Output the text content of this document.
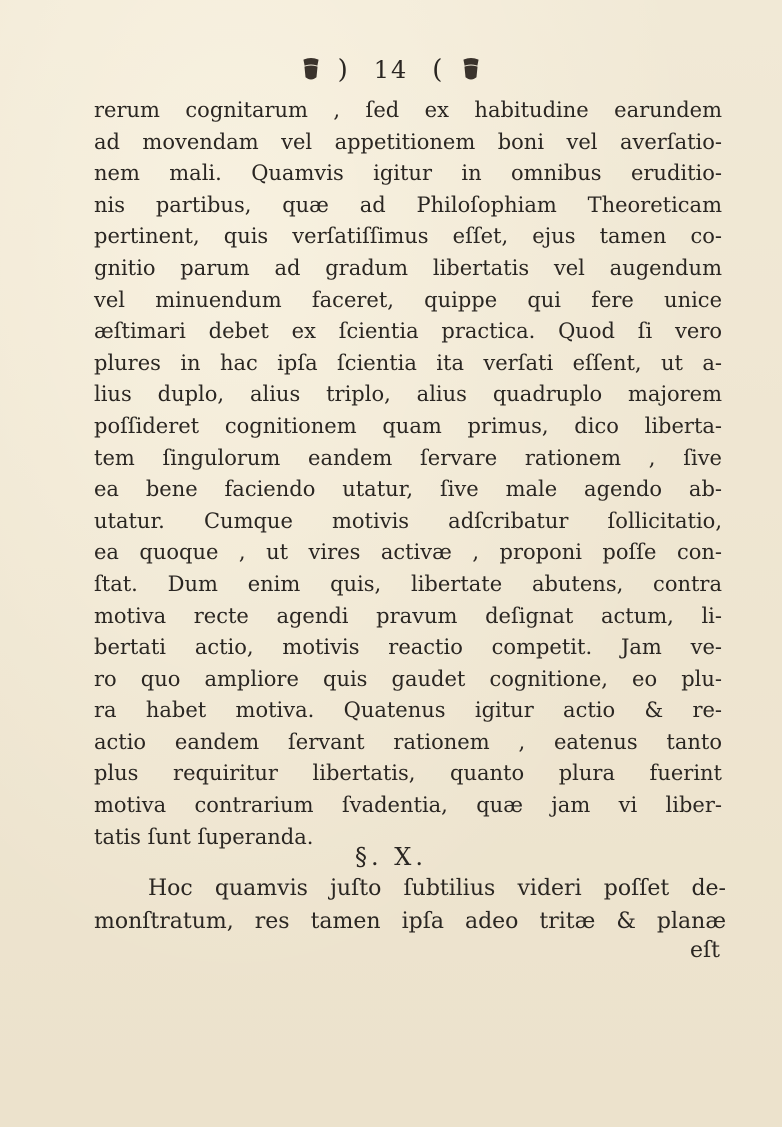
) 14 (
rerum cognitarum , ſed ex habitudine earundem
ad movendam vel appetitionem boni vel averſatio-
nem mali. Quamvis igitur in omnibus eruditio-
nis partibus, quæ ad Philoſophiam Theoreticam
pertinent, quis verſatiſſimus eſſet, ejus tamen co-
gnitio parum ad gradum libertatis vel augendum
vel minuendum faceret, quippe qui fere unice
æſtimari debet ex ſcientia practica. Quod ſi vero
plures in hac ipſa ſcientia ita verſati eſſent, ut a-
lius duplo, alius triplo, alius quadruplo majorem
poſſideret cognitionem quam primus, dico liberta-
tem ſingulorum eandem ſervare rationem , ſive
ea bene faciendo utatur, ſive male agendo ab-
utatur. Cumque motivis adſcribatur ſollicitatio,
ea quoque , ut vires activæ , proponi poſſe con-
ſtat. Dum enim quis, libertate abutens, contra
motiva recte agendi pravum deſignat actum, li-
bertati actio, motivis reactio competit. Jam ve-
ro quo ampliore quis gaudet cognitione, eo plu-
ra habet motiva. Quatenus igitur actio & re-
actio eandem ſervant rationem , eatenus tanto
plus requiritur libertatis, quanto plura fuerint
motiva contrarium ſvadentia, quæ jam vi liber-
tatis ſunt ſuperanda.
§. X.
Hoc quamvis juſto ſubtilius videri poſſet de-
monſtratum, res tamen ipſa adeo tritæ & planæ
eſt
